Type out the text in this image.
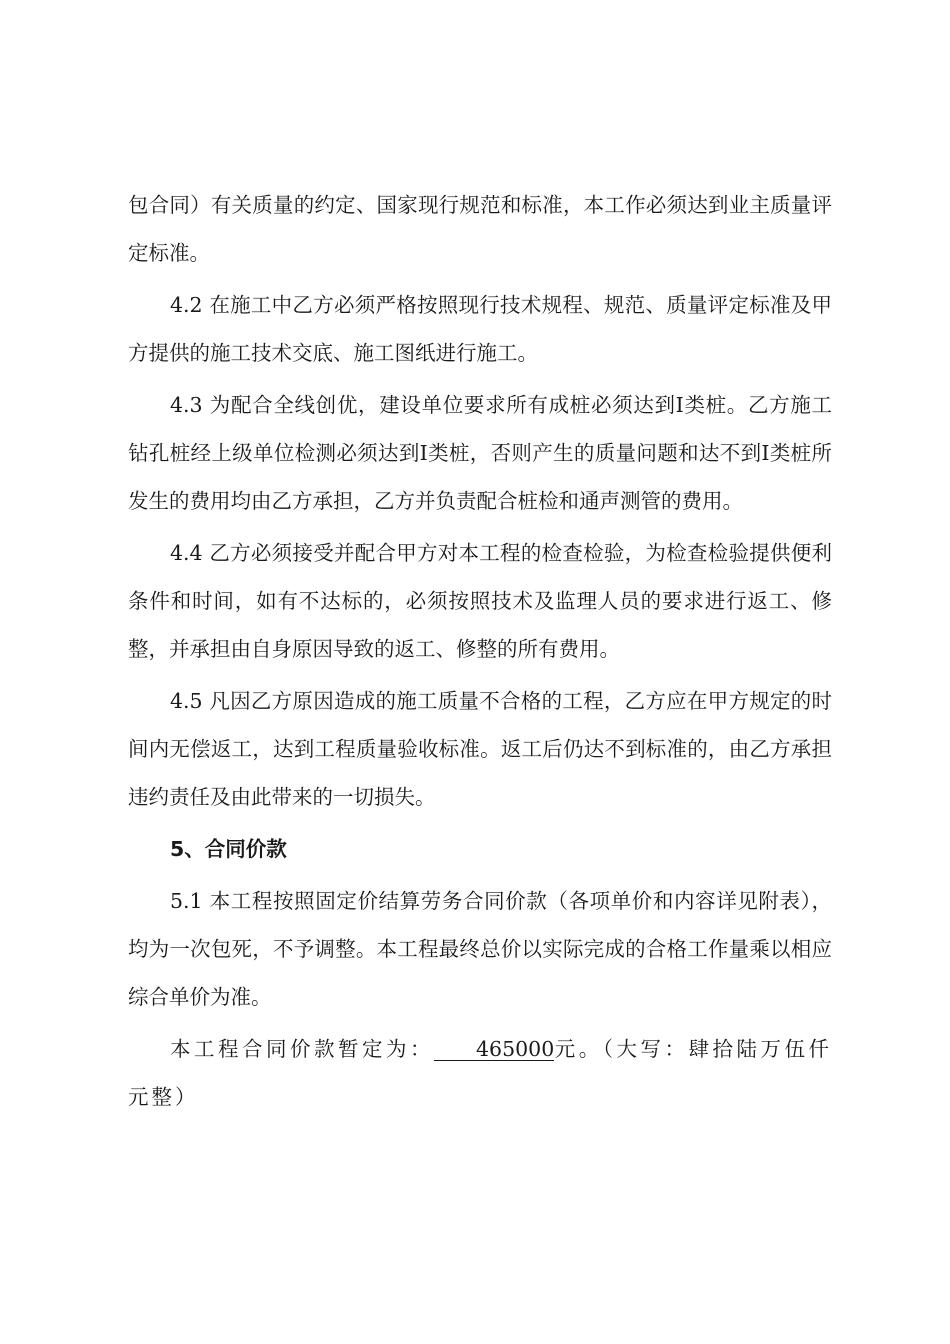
包合同）有关质量的约定、国家现行规范和标准，本工作必须达到业主质量评定标准。

4.2 在施工中乙方必须严格按照现行技术规程、规范、质量评定标准及甲方提供的施工技术交底、施工图纸进行施工。

4.3 为配合全线创优，建设单位要求所有成桩必须达到Ⅰ类桩。乙方施工钻孔桩经上级单位检测必须达到Ⅰ类桩，否则产生的质量问题和达不到Ⅰ类桩所发生的费用均由乙方承担，乙方并负责配合桩检和通声测管的费用。

4.4 乙方必须接受并配合甲方对本工程的检查检验，为检查检验提供便利条件和时间，如有不达标的，必须按照技术及监理人员的要求进行返工、修整，并承担由自身原因导致的返工、修整的所有费用。

4.5 凡因乙方原因造成的施工质量不合格的工程，乙方应在甲方规定的时间内无偿返工，达到工程质量验收标准。返工后仍达不到标准的，由乙方承担违约责任及由此带来的一切损失。

5、合同价款

5.1 本工程按照固定价结算劳务合同价款（各项单价和内容详见附表），均为一次包死，不予调整。本工程最终总价以实际完成的合格工作量乘以相应综合单价为准。

本工程合同价款暂定为： 465000元。（大写：肆拾陆万伍仟元整）
